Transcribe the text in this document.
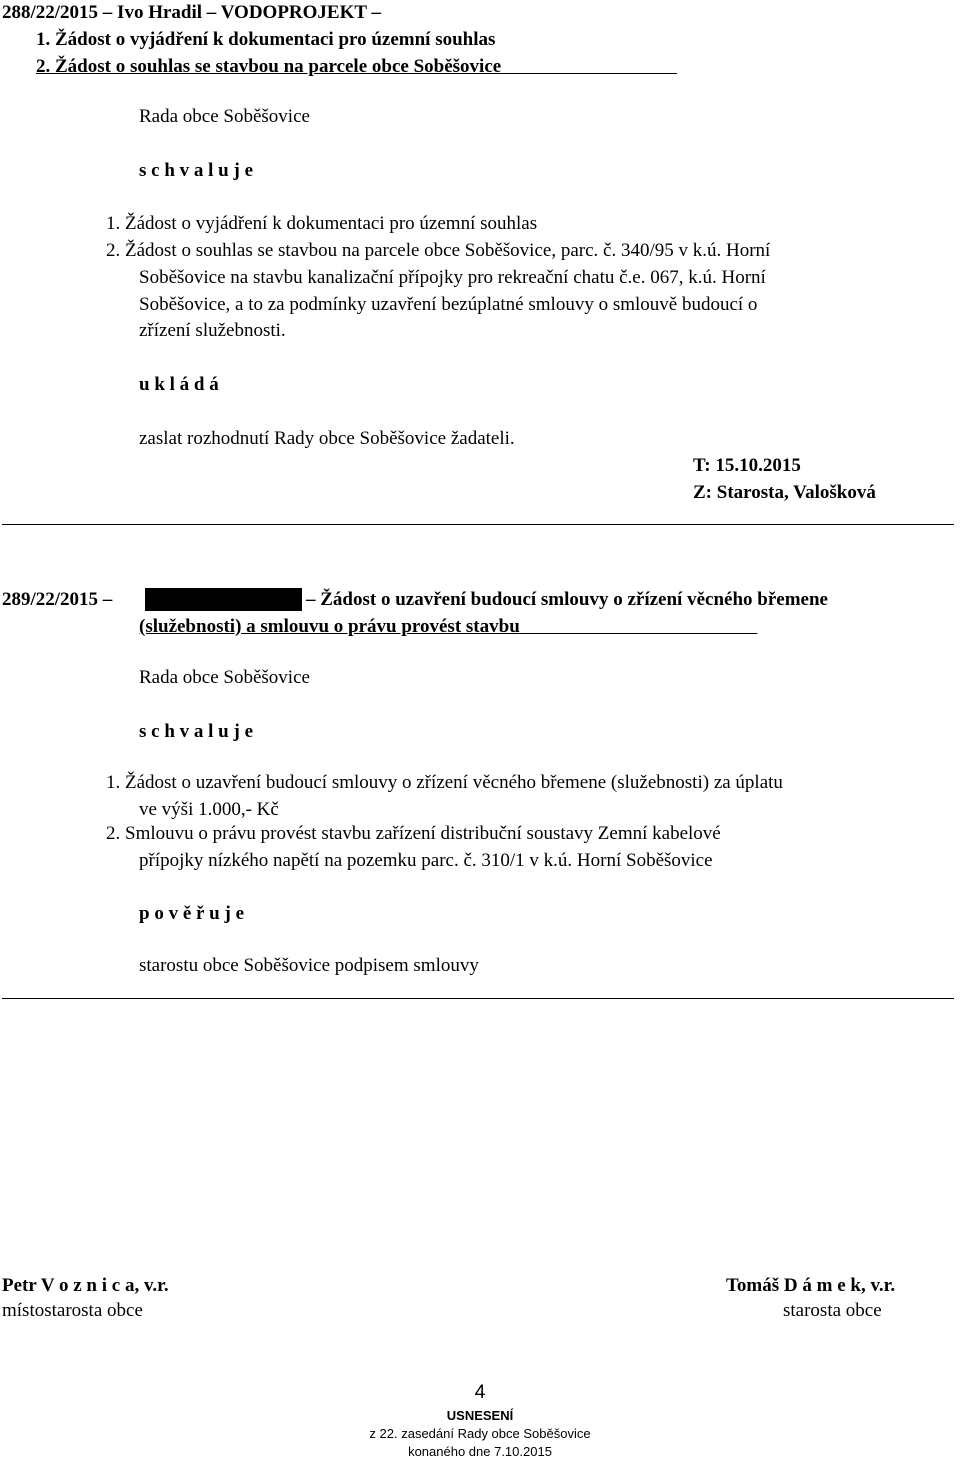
288/22/2015 – Ivo Hradil – VODOPROJEKT –
1. Žádost o vyjádření k dokumentaci pro územní souhlas
2. Žádost o souhlas se stavbou na parcele obce Soběšovice
Rada obce Soběšovice
s c h v a l u j e
1. Žádost o vyjádření k dokumentaci pro územní souhlas
2. Žádost o souhlas se stavbou na parcele obce Soběšovice, parc. č. 340/95 v k.ú. Horní
Soběšovice na stavbu kanalizační přípojky pro rekreační chatu č.e. 067, k.ú. Horní
Soběšovice, a to za podmínky uzavření bezúplatné smlouvy o smlouvě budoucí o
zřízení služebnosti.
u k l á d á
zaslat rozhodnutí Rady obce Soběšovice žadateli.
T: 15.10.2015
Z: Starosta, Valošková
289/22/2015 –	– Žádost o uzavření budoucí smlouvy o zřízení věcného břemene
(služebnosti) a smlouvu o právu provést stavbu
Rada obce Soběšovice
s c h v a l u j e
1. Žádost o uzavření budoucí smlouvy o zřízení věcného břemene (služebnosti) za úplatu
ve výši 1.000,- Kč
2. Smlouvu o právu provést stavbu zařízení distribuční soustavy Zemní kabelové
přípojky nízkého napětí na pozemku parc. č. 310/1 v k.ú. Horní Soběšovice
p o v ě ř u j e
starostu obce Soběšovice podpisem smlouvy
Petr V o z n i c a, v.r.
místostarosta obce
Tomáš D á m e k, v.r.
starosta obce
4
USNESENÍ
z 22. zasedání Rady obce Soběšovice
konaného dne 7.10.2015
